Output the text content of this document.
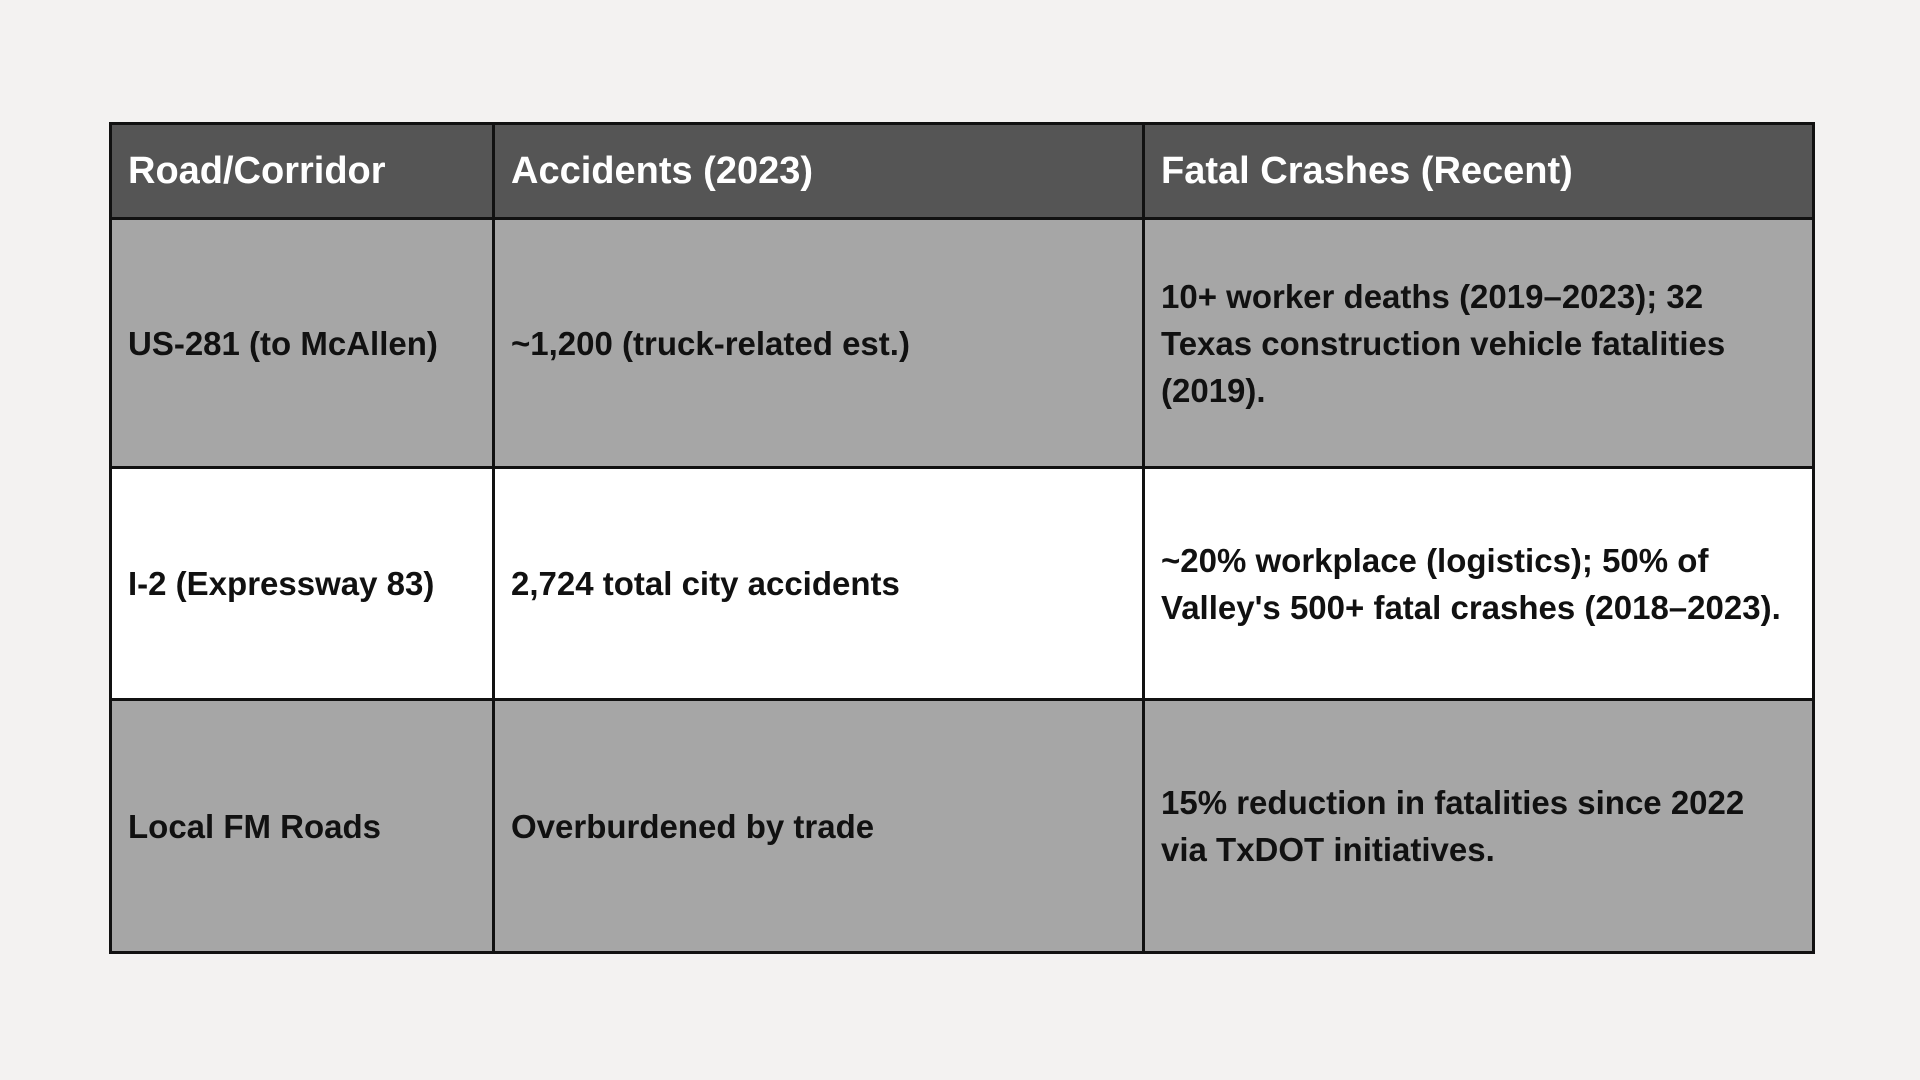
Road/Corridor	Accidents (2023)	Fatal Crashes (Recent)
US-281 (to McAllen)	~1,200 (truck-related est.)	10+ worker deaths (2019–2023); 32 Texas construction vehicle fatalities (2019).
I-2 (Expressway 83)	2,724 total city accidents	~20% workplace (logistics); 50% of Valley's 500+ fatal crashes (2018–2023).
Local FM Roads	Overburdened by trade	15% reduction in fatalities since 2022 via TxDOT initiatives.
